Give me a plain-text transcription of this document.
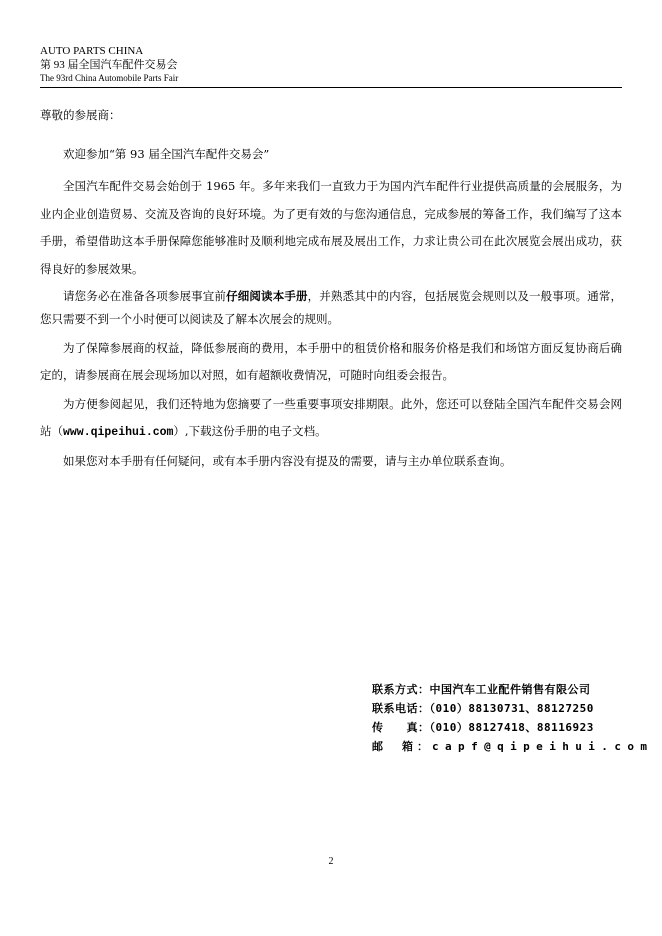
AUTO PARTS CHINA
第 93 届全国汽车配件交易会
The 93rd China Automobile Parts Fair
尊敬的参展商：

欢迎参加“第 93 届全国汽车配件交易会”

全国汽车配件交易会始创于 1965 年。多年来我们一直致力于为国内汽车配件行业提供高质量的会展服务，为业内企业创造贸易、交流及咨询的良好环境。为了更有效的与您沟通信息，完成参展的筹备工作，我们编写了这本手册，希望借助这本手册保障您能够准时及顺利地完成布展及展出工作，力求让贵公司在此次展览会展出成功，获得良好的参展效果。

请您务必在准备各项参展事宜前仔细阅读本手册，并熟悉其中的内容，包括展览会规则以及一般事项。通常，您只需要不到一个小时便可以阅读及了解本次展会的规则。

为了保障参展商的权益，降低参展商的费用，本手册中的租赁价格和服务价格是我们和场馆方面反复协商后确定的，请参展商在展会现场加以对照，如有超额收费情况，可随时向组委会报告。

为方便参阅起见，我们还特地为您摘要了一些重要事项安排期限。此外，您还可以登陆全国汽车配件交易会网站（www.qipeihui.com）,下载这份手册的电子文档。

如果您对本手册有任何疑问，或有本手册内容没有提及的需要，请与主办单位联系查询。

联系方式：中国汽车工业配件销售有限公司
联系电话：（010）88130731、88127250
传　　真：（010）88127418、88116923
邮　箱：capf@qipeihui.com
2
